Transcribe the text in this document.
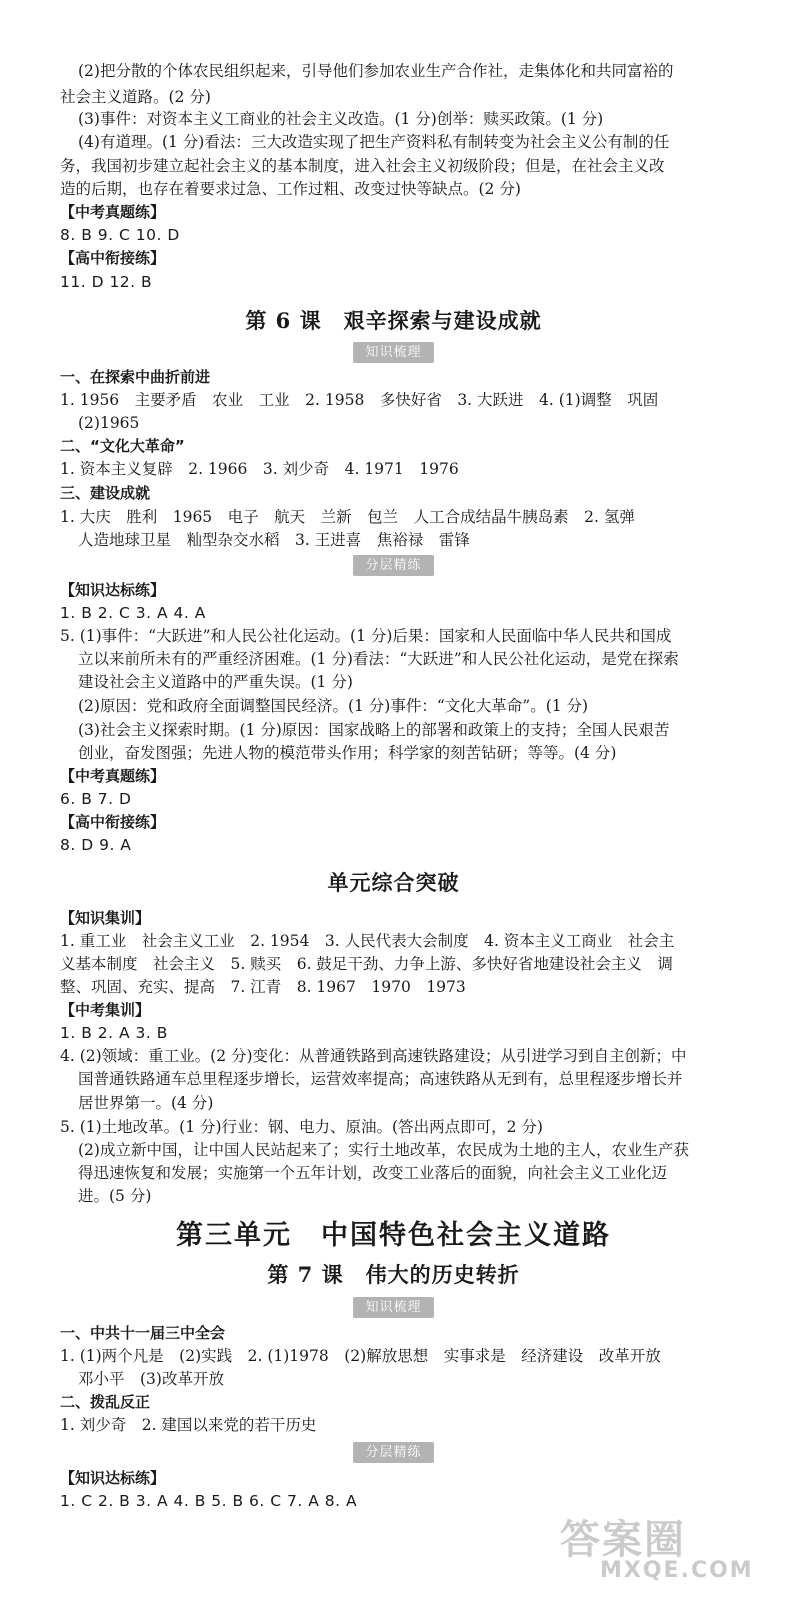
(2)把分散的个体农民组织起来，引导他们参加农业生产合作社，走集体化和共同富裕的
社会主义道路。(2 分)
(3)事件：对资本主义工商业的社会主义改造。(1 分)创举：赎买政策。(1 分)
(4)有道理。(1 分)看法：三大改造实现了把生产资料私有制转变为社会主义公有制的任
务，我国初步建立起社会主义的基本制度，进入社会主义初级阶段；但是，在社会主义改
造的后期，也存在着要求过急、工作过粗、改变过快等缺点。(2 分)
【中考真题练】
8. B 9. C 10. D
【高中衔接练】
11. D 12. B
第 6 课　艰辛探索与建设成就
知识梳理
一、在探索中曲折前进
1. 1956　主要矛盾　农业　工业　2. 1958　多快好省　3. 大跃进　4. (1)调整　巩固
(2)1965
二、“文化大革命”
1. 资本主义复辟　2. 1966　3. 刘少奇　4. 1971　1976
三、建设成就
1. 大庆　胜利　1965　电子　航天　兰新　包兰　人工合成结晶牛胰岛素　2. 氢弹
人造地球卫星　籼型杂交水稻　3. 王进喜　焦裕禄　雷锋
分层精练
【知识达标练】
1. B 2. C 3. A 4. A
5. (1)事件：“大跃进”和人民公社化运动。(1 分)后果：国家和人民面临中华人民共和国成
立以来前所未有的严重经济困难。(1 分)看法：“大跃进”和人民公社化运动，是党在探索
建设社会主义道路中的严重失误。(1 分)
(2)原因：党和政府全面调整国民经济。(1 分)事件：“文化大革命”。(1 分)
(3)社会主义探索时期。(1 分)原因：国家战略上的部署和政策上的支持；全国人民艰苦
创业，奋发图强；先进人物的模范带头作用；科学家的刻苦钻研；等等。(4 分)
【中考真题练】
6. B 7. D
【高中衔接练】
8. D 9. A
单元综合突破
【知识集训】
1. 重工业　社会主义工业　2. 1954　3. 人民代表大会制度　4. 资本主义工商业　社会主
义基本制度　社会主义　5. 赎买　6. 鼓足干劲、力争上游、多快好省地建设社会主义　调
整、巩固、充实、提高　7. 江青　8. 1967　1970　1973
【中考集训】
1. B 2. A 3. B
4. (2)领域：重工业。(2 分)变化：从普通铁路到高速铁路建设；从引进学习到自主创新；中
国普通铁路通车总里程逐步增长，运营效率提高；高速铁路从无到有，总里程逐步增长并
居世界第一。(4 分)
5. (1)土地改革。(1 分)行业：钢、电力、原油。(答出两点即可，2 分)
(2)成立新中国，让中国人民站起来了；实行土地改革，农民成为土地的主人，农业生产获
得迅速恢复和发展；实施第一个五年计划，改变工业落后的面貌，向社会主义工业化迈
进。(5 分)
第三单元　中国特色社会主义道路
第 7 课　伟大的历史转折
知识梳理
一、中共十一届三中全会
1. (1)两个凡是　(2)实践　2. (1)1978　(2)解放思想　实事求是　经济建设　改革开放
邓小平　(3)改革开放
二、拨乱反正
1. 刘少奇　2. 建国以来党的若干历史
分层精练
【知识达标练】
1. C 2. B 3. A 4. B 5. B 6. C 7. A 8. A
答案圈
MXQE.COM
